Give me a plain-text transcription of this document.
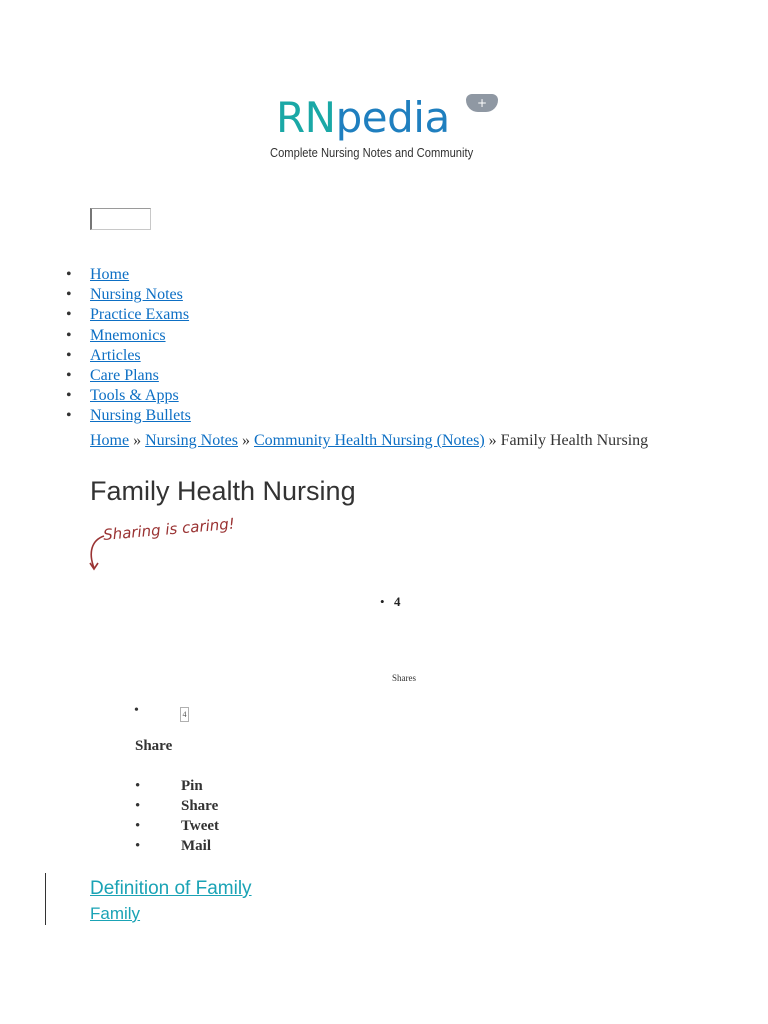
RNpedia	+
Complete Nursing Notes and Community
• Home
• Nursing Notes
• Practice Exams
• Mnemonics
• Articles
• Care Plans
• Tools & Apps
• Nursing Bullets
Home » Nursing Notes » Community Health Nursing (Notes) » Family Health Nursing
Family Health Nursing
Sharing is caring!
• 4
Shares
• 4
Share
• Pin
• Share
• Tweet
• Mail
Definition of Family
Family
